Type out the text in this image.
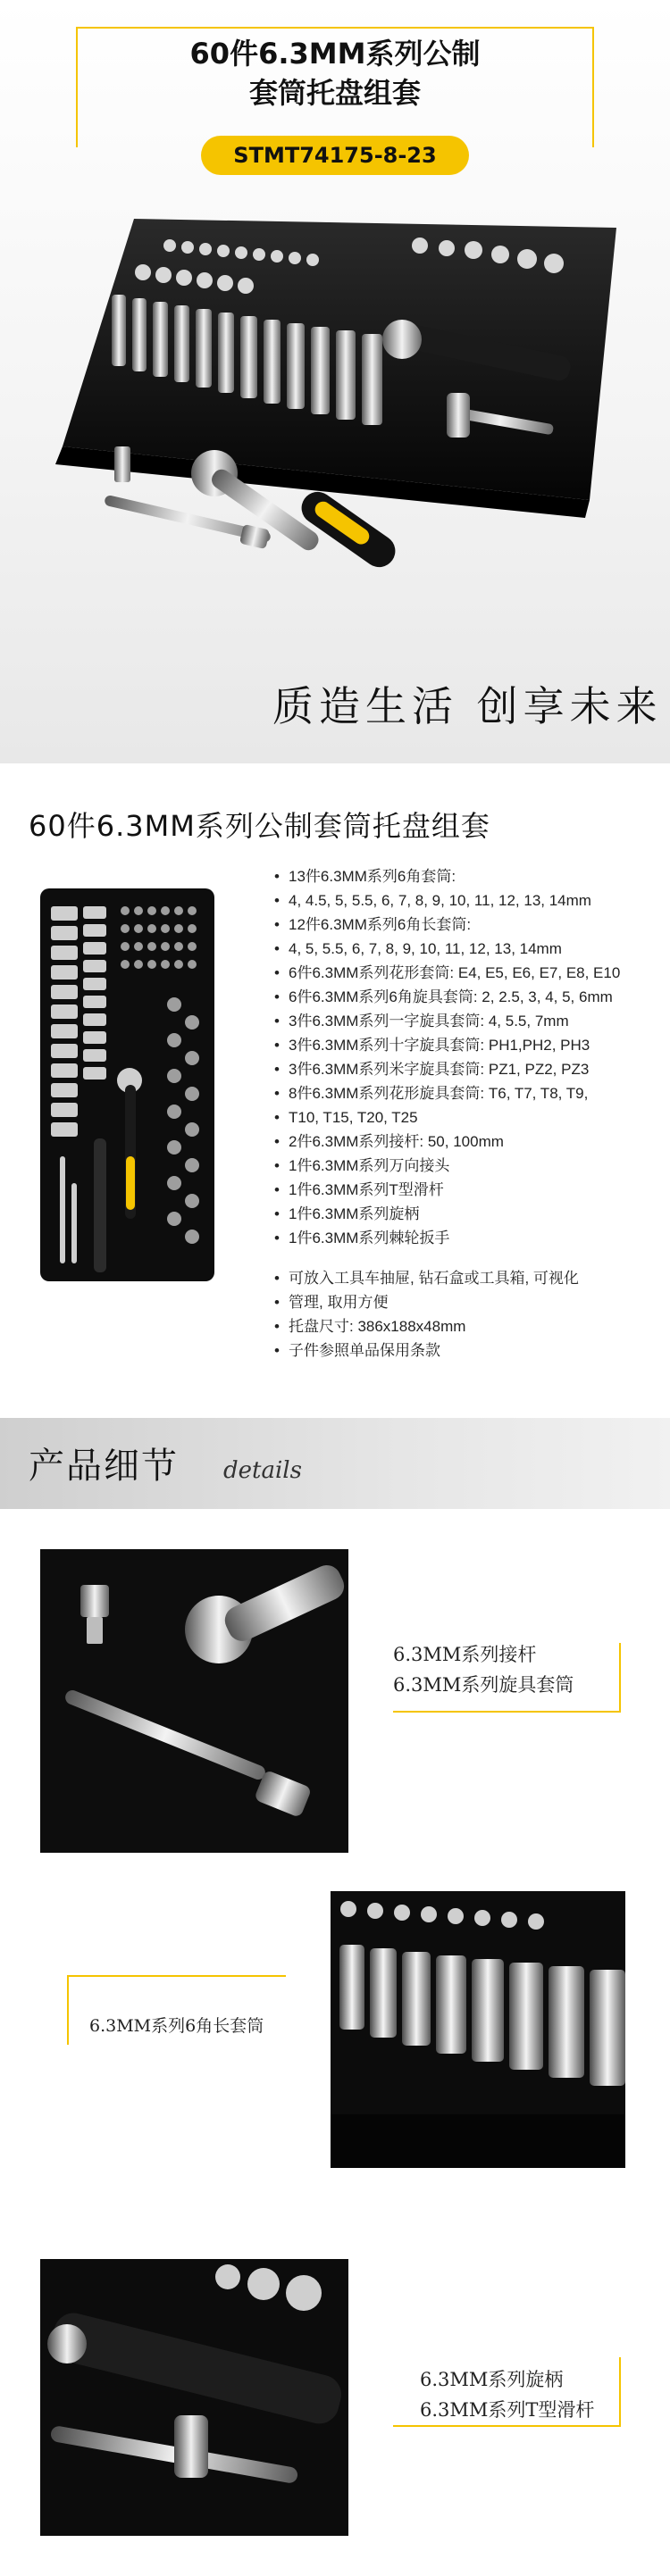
60件6.3MM系列公制
套筒托盘组套
STMT74175-8-23
质造生活 创享未来
60件6.3MM系列公制套筒托盘组套
• 13件6.3MM系列6角套筒:
• 4, 4.5, 5, 5.5, 6, 7, 8, 9, 10, 11, 12, 13, 14mm
• 12件6.3MM系列6角长套筒:
• 4, 5, 5.5, 6, 7, 8, 9, 10, 11, 12, 13, 14mm
• 6件6.3MM系列花形套筒: E4, E5, E6, E7, E8, E10
• 6件6.3MM系列6角旋具套筒: 2, 2.5, 3, 4, 5, 6mm
• 3件6.3MM系列一字旋具套筒: 4, 5.5, 7mm
• 3件6.3MM系列十字旋具套筒: PH1,PH2, PH3
• 3件6.3MM系列米字旋具套筒: PZ1, PZ2, PZ3
• 8件6.3MM系列花形旋具套筒: T6, T7, T8, T9,
• T10, T15, T20, T25
• 2件6.3MM系列接杆: 50, 100mm
• 1件6.3MM系列万向接头
• 1件6.3MM系列T型滑杆
• 1件6.3MM系列旋柄
• 1件6.3MM系列棘轮扳手
• 可放入工具车抽屉, 钻石盒或工具箱, 可视化
• 管理, 取用方便
• 托盘尺寸: 386x188x48mm
• 子件参照单品保用条款
产品细节 details
6.3MM系列接杆
6.3MM系列旋具套筒
6.3MM系列6角长套筒
6.3MM系列旋柄
6.3MM系列T型滑杆
